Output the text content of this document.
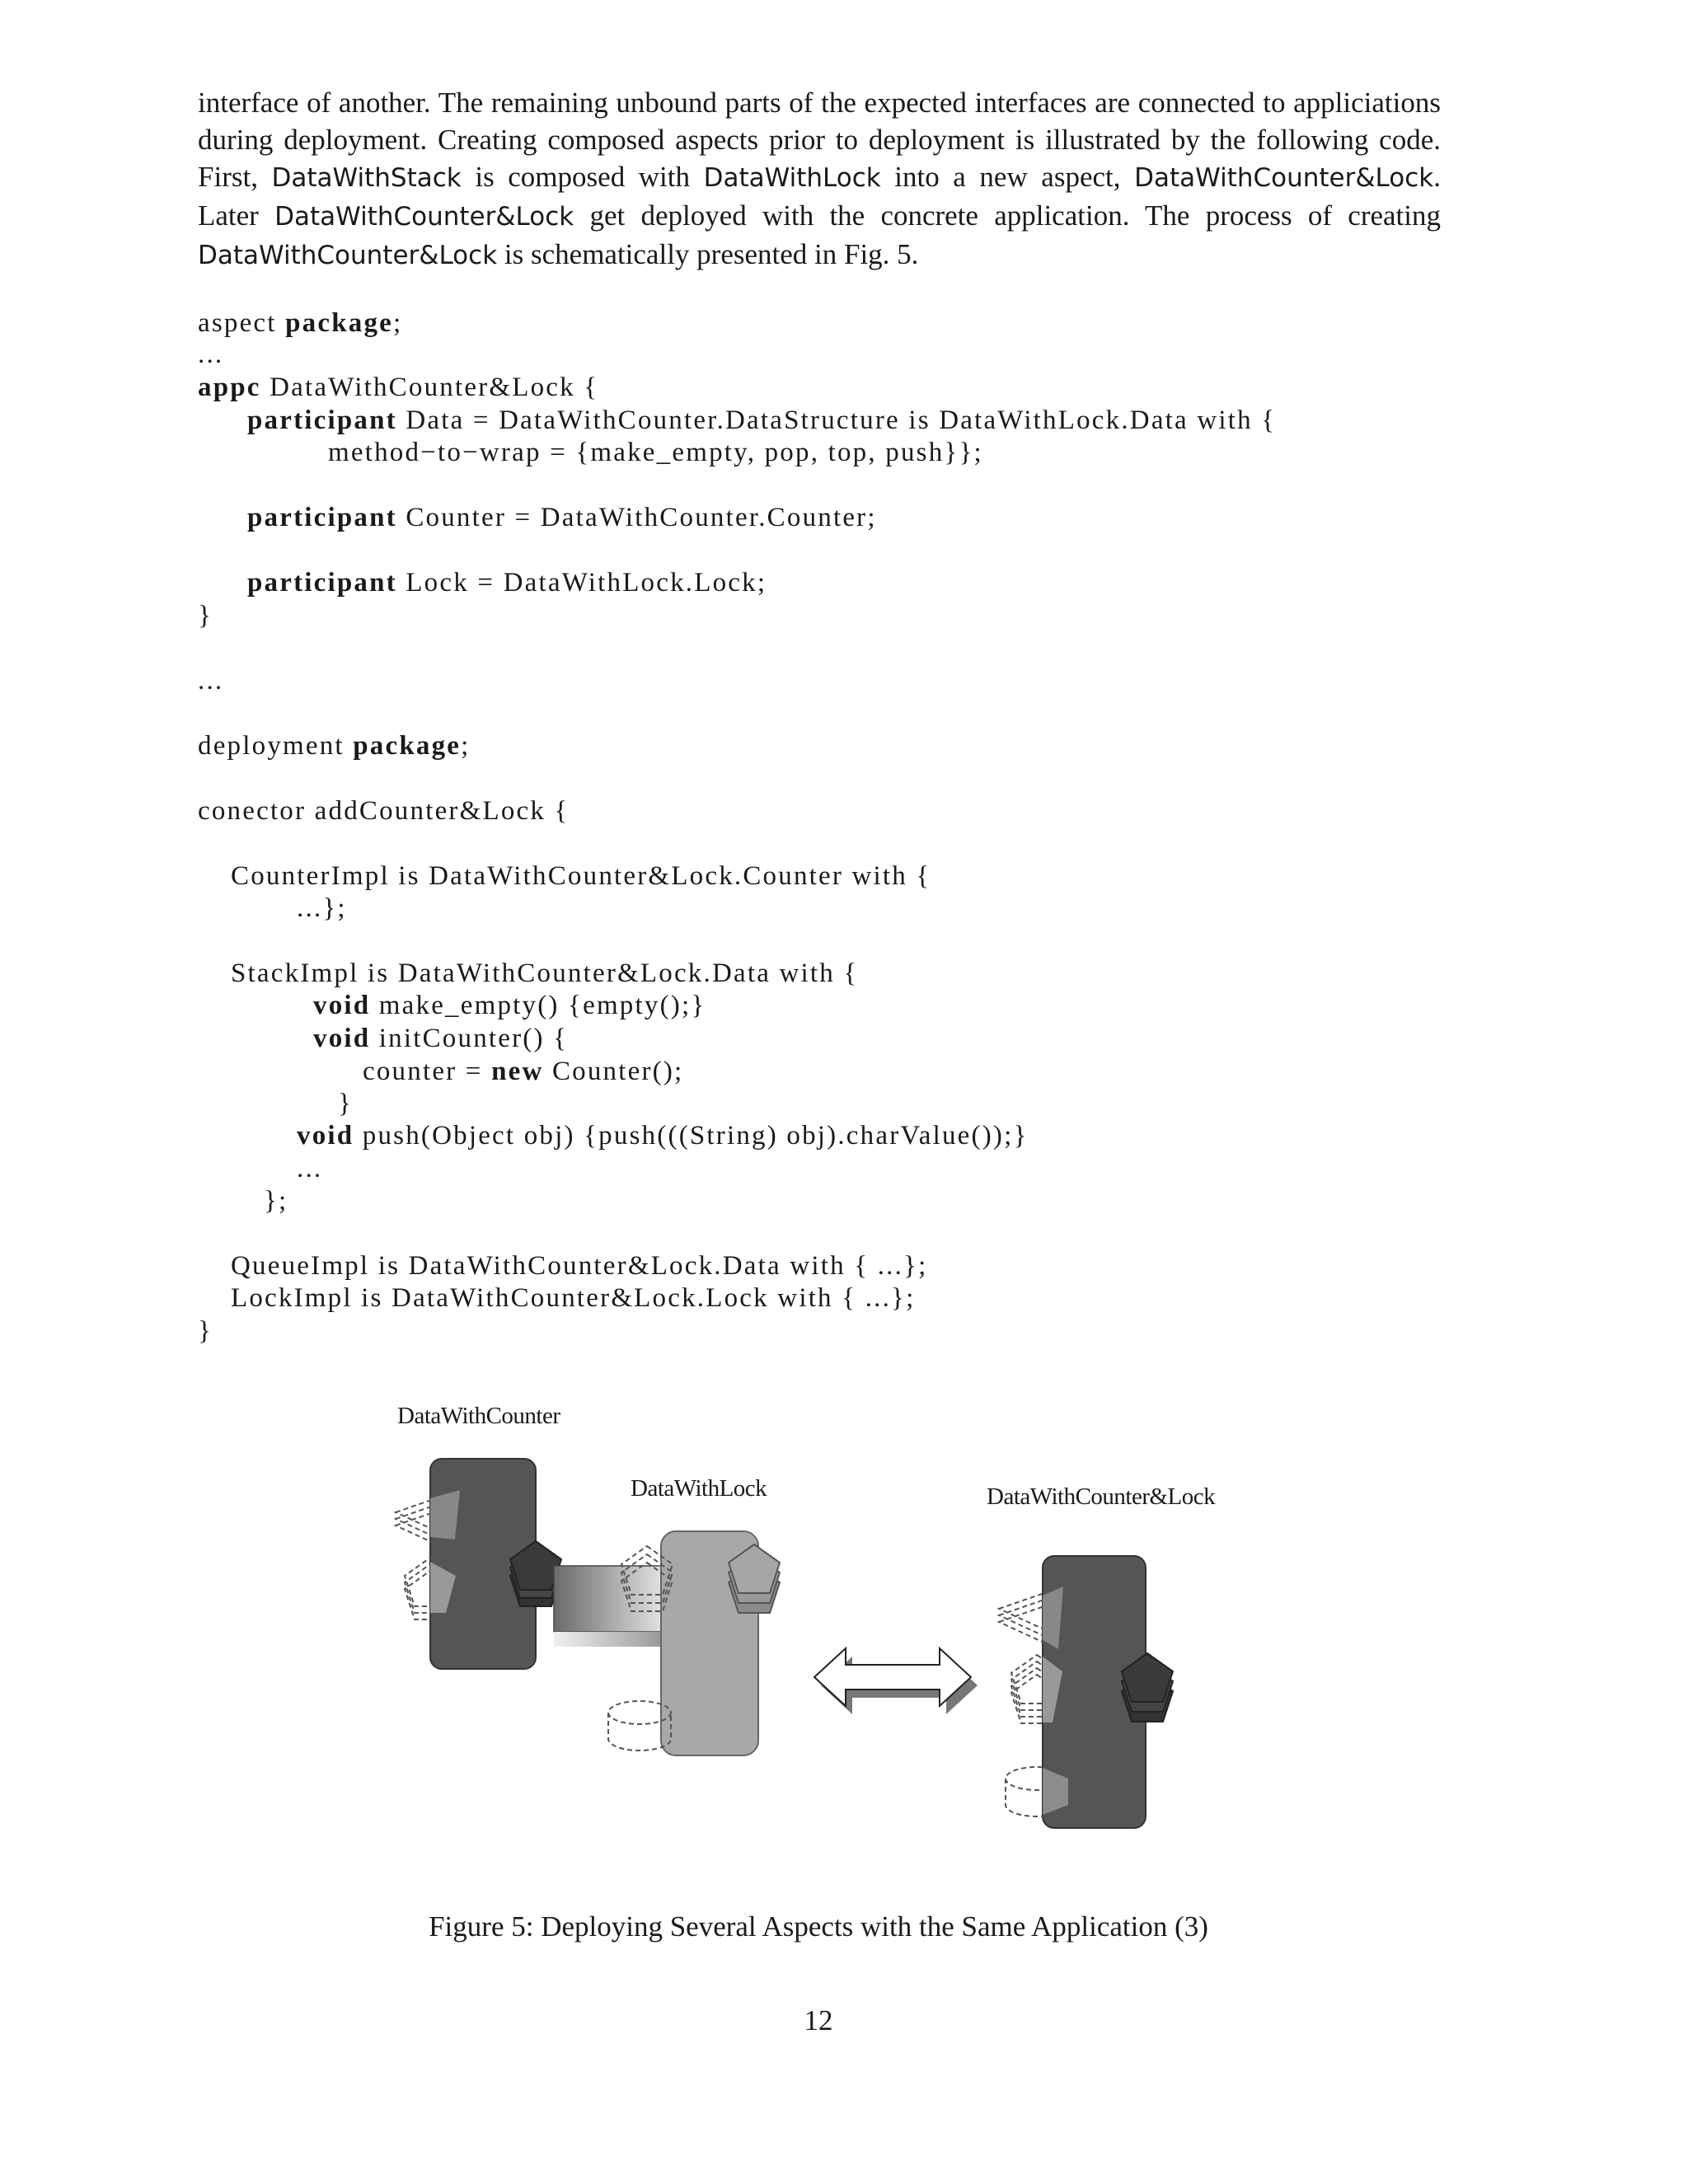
interface of another. The remaining unbound parts of the expected interfaces are connected to appliciations during deployment. Creating composed aspects prior to deployment is illustrated by the following code. First, DataWithStack is composed with DataWithLock into a new aspect, DataWithCounter&Lock. Later DataWithCounter&Lock get deployed with the concrete application. The process of creating DataWithCounter&Lock is schematically presented in Fig. 5.

aspect package;

...

appc DataWithCounter&Lock {

participant Data = DataWithCounter.DataStructure is DataWithLock.Data with {

method−to−wrap = {make_empty, pop, top, push}};

participant Counter = DataWithCounter.Counter;

participant Lock = DataWithLock.Lock;

}

...

deployment package;

conector addCounter&Lock {

CounterImpl is DataWithCounter&Lock.Counter with {

...};

StackImpl is DataWithCounter&Lock.Data with {

void make_empty() {empty();}

void initCounter() {

counter = new Counter();

}

void push(Object obj) {push(((String) obj).charValue());}

...

};

QueueImpl is DataWithCounter&Lock.Data with { ...};

LockImpl is DataWithCounter&Lock.Lock with { ...};

}

DataWithCounter
DataWithLock	DataWithCounter&Lock
Figure 5: Deploying Several Aspects with the Same Application (3)
12
